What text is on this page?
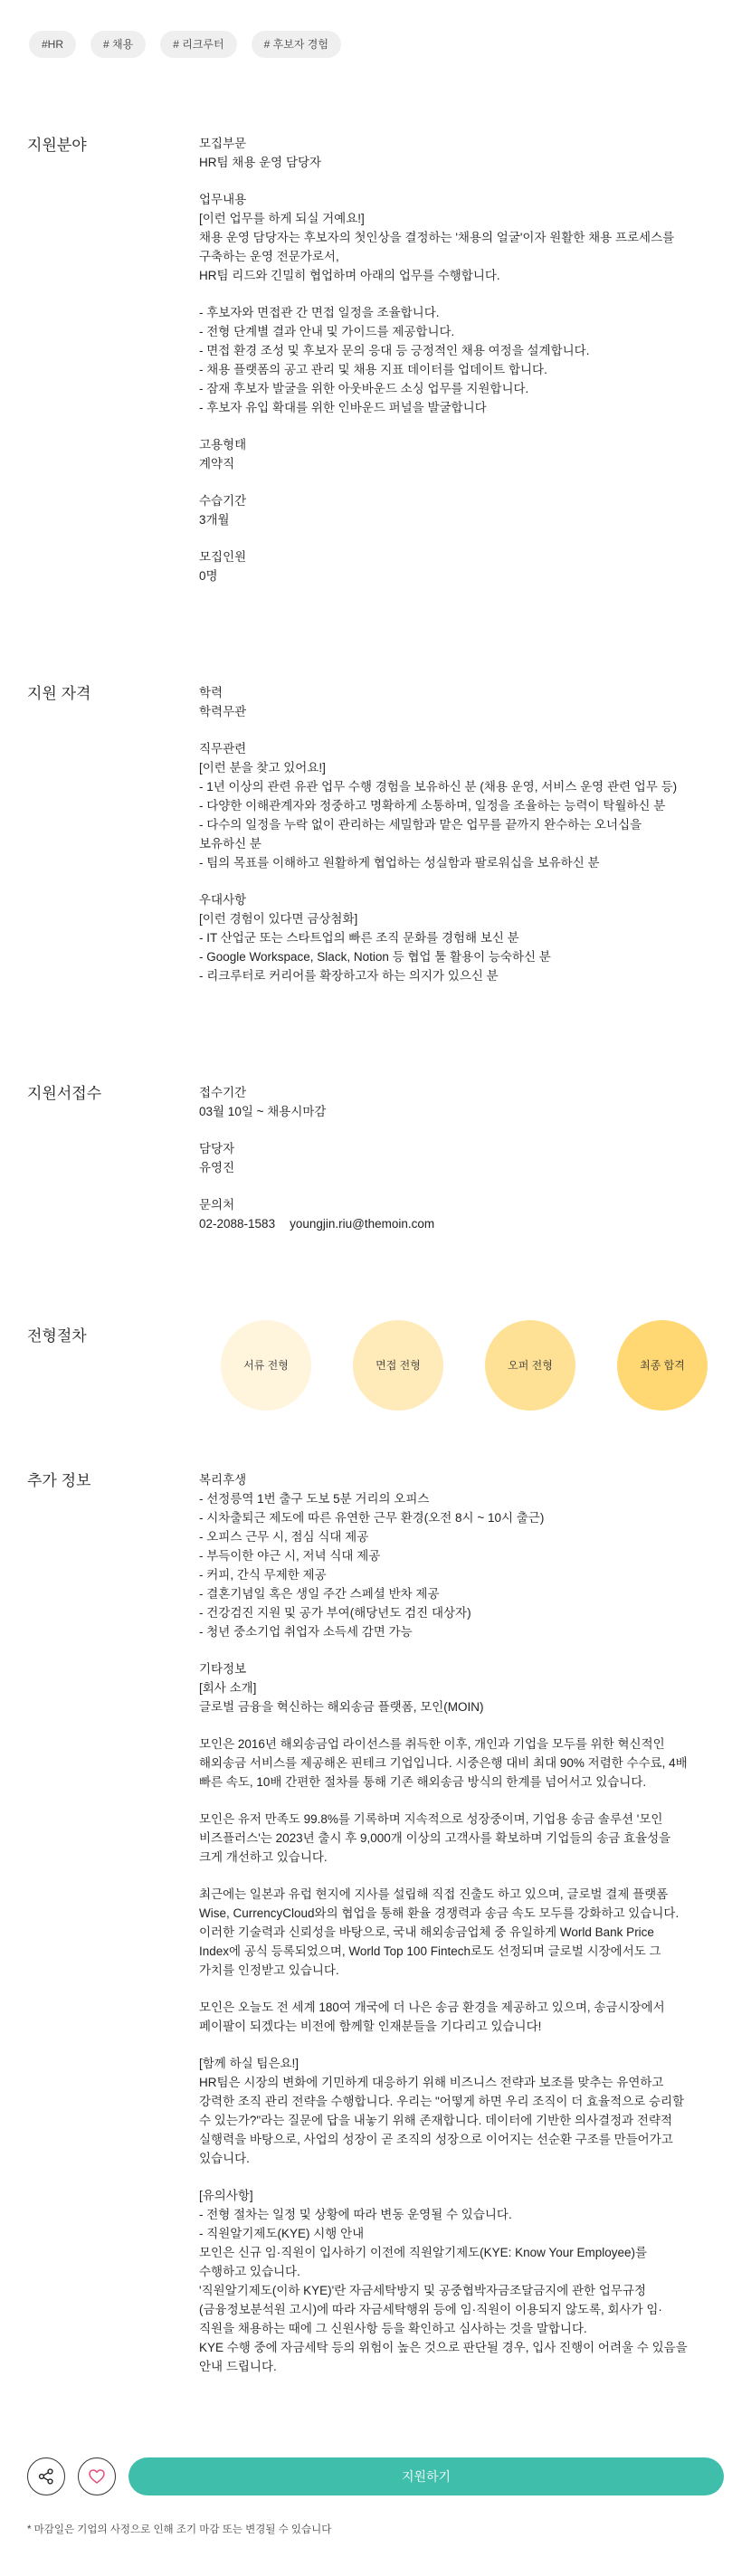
#HR	# 채용	# 리크루터	# 후보자 경험
지원분야	모집부문
HR팀 채용 운영 담당자
업무내용
[이런 업무를 하게 되실 거예요!]
채용 운영 담당자는 후보자의 첫인상을 결정하는 '채용의 얼굴'이자 원활한 채용 프로세스를
구축하는 운영 전문가로서,
HR팀 리드와 긴밀히 협업하며 아래의 업무를 수행합니다.
- 후보자와 면접관 간 면접 일정을 조율합니다.
- 전형 단계별 결과 안내 및 가이드를 제공합니다.
- 면접 환경 조성 및 후보자 문의 응대 등 긍정적인 채용 여정을 설계합니다.
- 채용 플랫폼의 공고 관리 및 채용 지표 데이터를 업데이트 합니다.
- 잠재 후보자 발굴을 위한 아웃바운드 소싱 업무를 지원합니다.
- 후보자 유입 확대를 위한 인바운드 퍼널을 발굴합니다
고용형태
계약직
수습기간
3개월
모집인원
0명
지원 자격	학력
학력무관
직무관련
[이런 분을 찾고 있어요!]
- 1년 이상의 관련 유관 업무 수행 경험을 보유하신 분 (채용 운영, 서비스 운영 관련 업무 등)
- 다양한 이해관계자와 정중하고 명확하게 소통하며, 일정을 조율하는 능력이 탁월하신 분
- 다수의 일정을 누락 없이 관리하는 세밀함과 맡은 업무를 끝까지 완수하는 오너십을
보유하신 분
- 팀의 목표를 이해하고 원활하게 협업하는 성실함과 팔로워십을 보유하신 분
우대사항
[이런 경험이 있다면 금상첨화]
- IT 산업군 또는 스타트업의 빠른 조직 문화를 경험해 보신 분
- Google Workspace, Slack, Notion 등 협업 툴 활용이 능숙하신 분
- 리크루터로 커리어를 확장하고자 하는 의지가 있으신 분
지원서접수	접수기간
03월 10일 ~ 채용시마감
담당자
유영진
문의처
02-2088-1583 youngjin.riu@themoin.com
전형절차
서류 전형	면접 전형	오퍼 전형	최종 합격
추가 정보	복리후생
- 선정릉역 1번 출구 도보 5분 거리의 오피스
- 시차출퇴근 제도에 따른 유연한 근무 환경(오전 8시 ~ 10시 출근)
- 오피스 근무 시, 점심 식대 제공
- 부득이한 야근 시, 저녁 식대 제공
- 커피, 간식 무제한 제공
- 결혼기념일 혹은 생일 주간 스페셜 반차 제공
- 건강검진 지원 및 공가 부여(해당년도 검진 대상자)
- 청년 중소기업 취업자 소득세 감면 가능
기타정보
[회사 소개]
글로벌 금융을 혁신하는 해외송금 플랫폼, 모인(MOIN)
모인은 2016년 해외송금업 라이선스를 취득한 이후, 개인과 기업을 모두를 위한 혁신적인
해외송금 서비스를 제공해온 핀테크 기업입니다. 시중은행 대비 최대 90% 저렴한 수수료, 4배
빠른 속도, 10배 간편한 절차를 통해 기존 해외송금 방식의 한계를 넘어서고 있습니다.
모인은 유저 만족도 99.8%를 기록하며 지속적으로 성장중이며, 기업용 송금 솔루션 '모인
비즈플러스'는 2023년 출시 후 9,000개 이상의 고객사를 확보하며 기업들의 송금 효율성을
크게 개선하고 있습니다.
최근에는 일본과 유럽 현지에 지사를 설립해 직접 진출도 하고 있으며, 글로벌 결제 플랫폼
Wise, CurrencyCloud와의 협업을 통해 환율 경쟁력과 송금 속도 모두를 강화하고 있습니다.
이러한 기술력과 신뢰성을 바탕으로, 국내 해외송금업체 중 유일하게 World Bank Price
Index에 공식 등록되었으며, World Top 100 Fintech로도 선정되며 글로벌 시장에서도 그
가치를 인정받고 있습니다.
모인은 오늘도 전 세계 180여 개국에 더 나은 송금 환경을 제공하고 있으며, 송금시장에서
페이팔이 되겠다는 비전에 함께할 인재분들을 기다리고 있습니다!
[함께 하실 팀은요!]
HR팀은 시장의 변화에 기민하게 대응하기 위해 비즈니스 전략과 보조를 맞추는 유연하고
강력한 조직 관리 전략을 수행합니다. 우리는 "어떻게 하면 우리 조직이 더 효율적으로 승리할
수 있는가?"라는 질문에 답을 내놓기 위해 존재합니다. 데이터에 기반한 의사결정과 전략적
실행력을 바탕으로, 사업의 성장이 곧 조직의 성장으로 이어지는 선순환 구조를 만들어가고
있습니다.
[유의사항]
- 전형 절차는 일정 및 상황에 따라 변동 운영될 수 있습니다.
- 직원알기제도(KYE) 시행 안내
모인은 신규 임·직원이 입사하기 이전에 직원알기제도(KYE: Know Your Employee)를
수행하고 있습니다.
'직원알기제도(이하 KYE)'란 자금세탁방지 및 공중협박자금조달금지에 관한 업무규정
(금융정보분석원 고시)에 따라 자금세탁행위 등에 임·직원이 이용되지 않도록, 회사가 임·
직원을 채용하는 때에 그 신원사항 등을 확인하고 심사하는 것을 말합니다.
KYE 수행 중에 자금세탁 등의 위험이 높은 것으로 판단될 경우, 입사 진행이 어려울 수 있음을
안내 드립니다.
지원하기
* 마감일은 기업의 사정으로 인해 조기 마감 또는 변경될 수 있습니다
